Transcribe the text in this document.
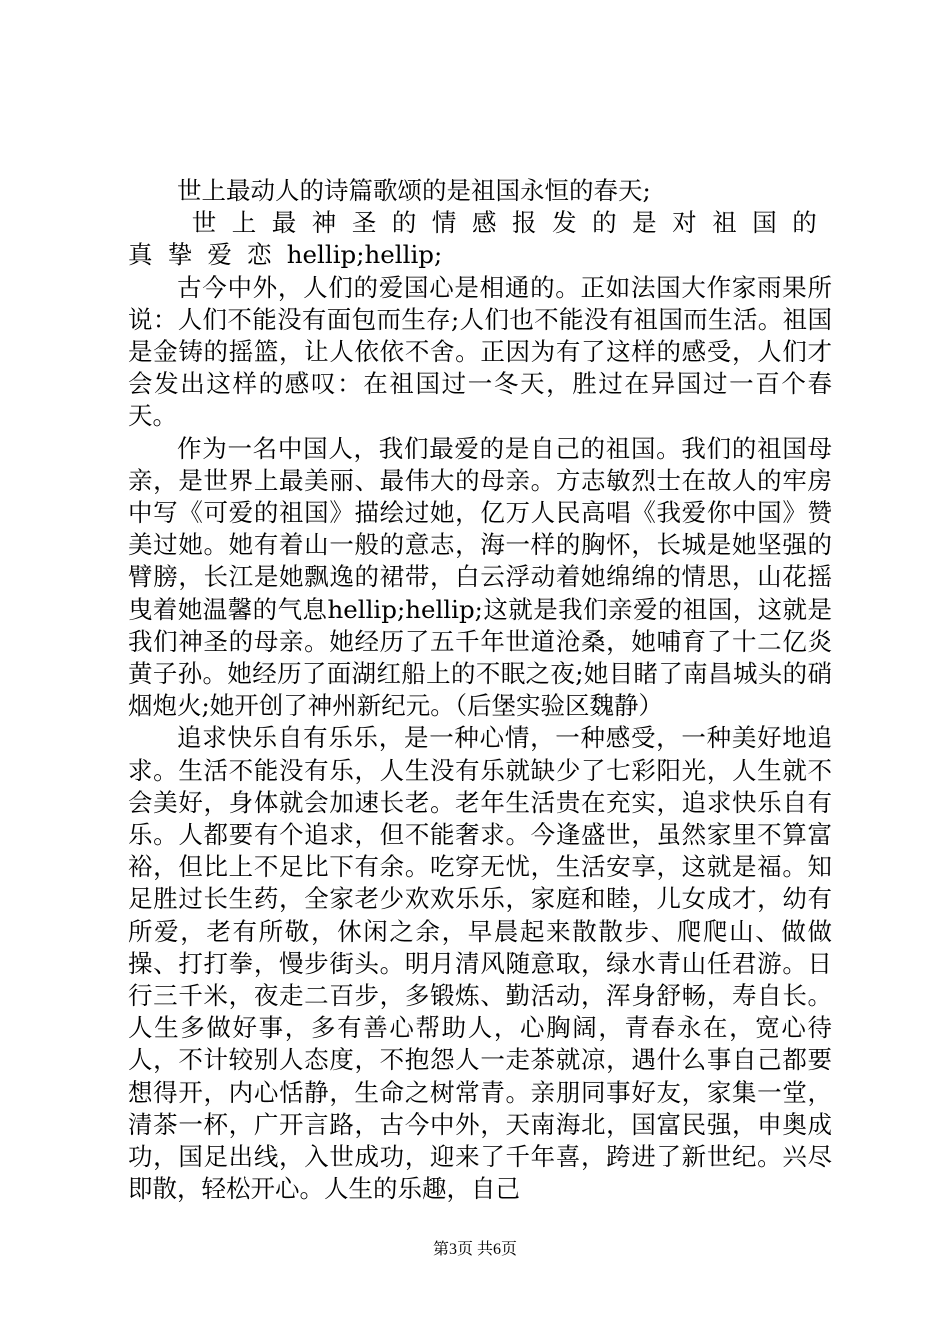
世上最动人的诗篇歌颂的是祖国永恒的春天;

世上最神圣的情感报发的是对祖国的真挚爱恋hellip;hellip;

古今中外，人们的爱国心是相通的。正如法国大作家雨果所说：人们不能没有面包而生存;人们也不能没有祖国而生活。祖国是金铸的摇篮，让人依依不舍。正因为有了这样的感受，人们才会发出这样的感叹：在祖国过一冬天，胜过在异国过一百个春天。

作为一名中国人，我们最爱的是自己的祖国。我们的祖国母亲，是世界上最美丽、最伟大的母亲。方志敏烈士在故人的牢房中写《可爱的祖国》描绘过她，亿万人民高唱《我爱你中国》赞美过她。她有着山一般的意志，海一样的胸怀，长城是她坚强的臂膀，长江是她飘逸的裙带，白云浮动着她绵绵的情思，山花摇曳着她温馨的气息hellip;hellip;这就是我们亲爱的祖国，这就是我们神圣的母亲。她经历了五千年世道沧桑，她哺育了十二亿炎黄子孙。她经历了面湖红船上的不眠之夜;她目睹了南昌城头的硝烟炮火;她开创了神州新纪元。（后堡实验区魏静）

追求快乐自有乐乐，是一种心情，一种感受，一种美好地追求。生活不能没有乐，人生没有乐就缺少了七彩阳光，人生就不会美好，身体就会加速长老。老年生活贵在充实，追求快乐自有乐。人都要有个追求，但不能奢求。今逢盛世，虽然家里不算富裕，但比上不足比下有余。吃穿无忧，生活安享，这就是福。知足胜过长生药，全家老少欢欢乐乐，家庭和睦，儿女成才，幼有所爱，老有所敬，休闲之余，早晨起来散散步、爬爬山、做做操、打打拳，慢步街头。明月清风随意取，绿水青山任君游。日行三千米，夜走二百步，多锻炼、勤活动，浑身舒畅，寿自长。人生多做好事，多有善心帮助人，心胸阔，青春永在，宽心待人，不计较别人态度，不抱怨人一走茶就凉，遇什么事自己都要想得开，内心恬静，生命之树常青。亲朋同事好友，家集一堂，清茶一杯，广开言路，古今中外，天南海北，国富民强，申奥成功，国足出线，入世成功，迎来了千年喜，跨进了新世纪。兴尽即散，轻松开心。人生的乐趣，自己

第3页 共6页
